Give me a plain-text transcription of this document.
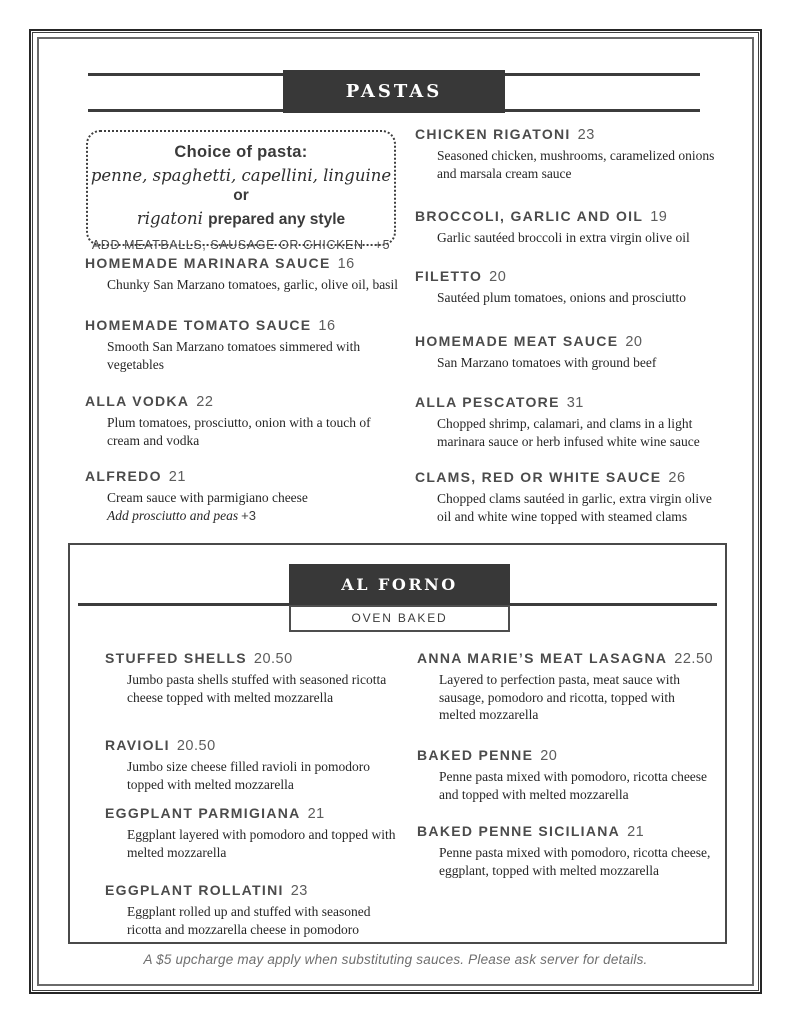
PASTAS
Choice of pasta:
penne, spaghetti, capellini, linguine or
rigatoni prepared any style
ADD MEATBALLS, SAUSAGE OR CHICKEN +5
HOMEMADE MARINARA SAUCE 16
Chunky San Marzano tomatoes, garlic, olive oil, basil
HOMEMADE TOMATO SAUCE 16
Smooth San Marzano tomatoes simmered with vegetables
ALLA VODKA 22
Plum tomatoes, prosciutto, onion with a touch of cream and vodka
ALFREDO 21
Cream sauce with parmigiano cheese
Add prosciutto and peas +3
CHICKEN RIGATONI 23
Seasoned chicken, mushrooms, caramelized onions and marsala cream sauce
BROCCOLI, GARLIC AND OIL 19
Garlic sautéed broccoli in extra virgin olive oil
FILETTO 20
Sautéed plum tomatoes, onions and prosciutto
HOMEMADE MEAT SAUCE 20
San Marzano tomatoes with ground beef
ALLA PESCATORE 31
Chopped shrimp, calamari, and clams in a light marinara sauce or herb infused white wine sauce
CLAMS, RED OR WHITE SAUCE 26
Chopped clams sautéed in garlic, extra virgin olive oil and white wine topped with steamed clams
AL FORNO
OVEN BAKED
STUFFED SHELLS 20.50
Jumbo pasta shells stuffed with seasoned ricotta cheese topped with melted mozzarella
RAVIOLI 20.50
Jumbo size cheese filled ravioli in pomodoro topped with melted mozzarella
EGGPLANT PARMIGIANA 21
Eggplant layered with pomodoro and topped with melted mozzarella
EGGPLANT ROLLATINI 23
Eggplant rolled up and stuffed with seasoned ricotta and mozzarella cheese in pomodoro
ANNA MARIE’S MEAT LASAGNA 22.50
Layered to perfection pasta, meat sauce with sausage, pomodoro and ricotta, topped with melted mozzarella
BAKED PENNE 20
Penne pasta mixed with pomodoro, ricotta cheese and topped with melted mozzarella
BAKED PENNE SICILIANA 21
Penne pasta mixed with pomodoro, ricotta cheese, eggplant, topped with melted mozzarella
A $5 upcharge may apply when substituting sauces. Please ask server for details.
